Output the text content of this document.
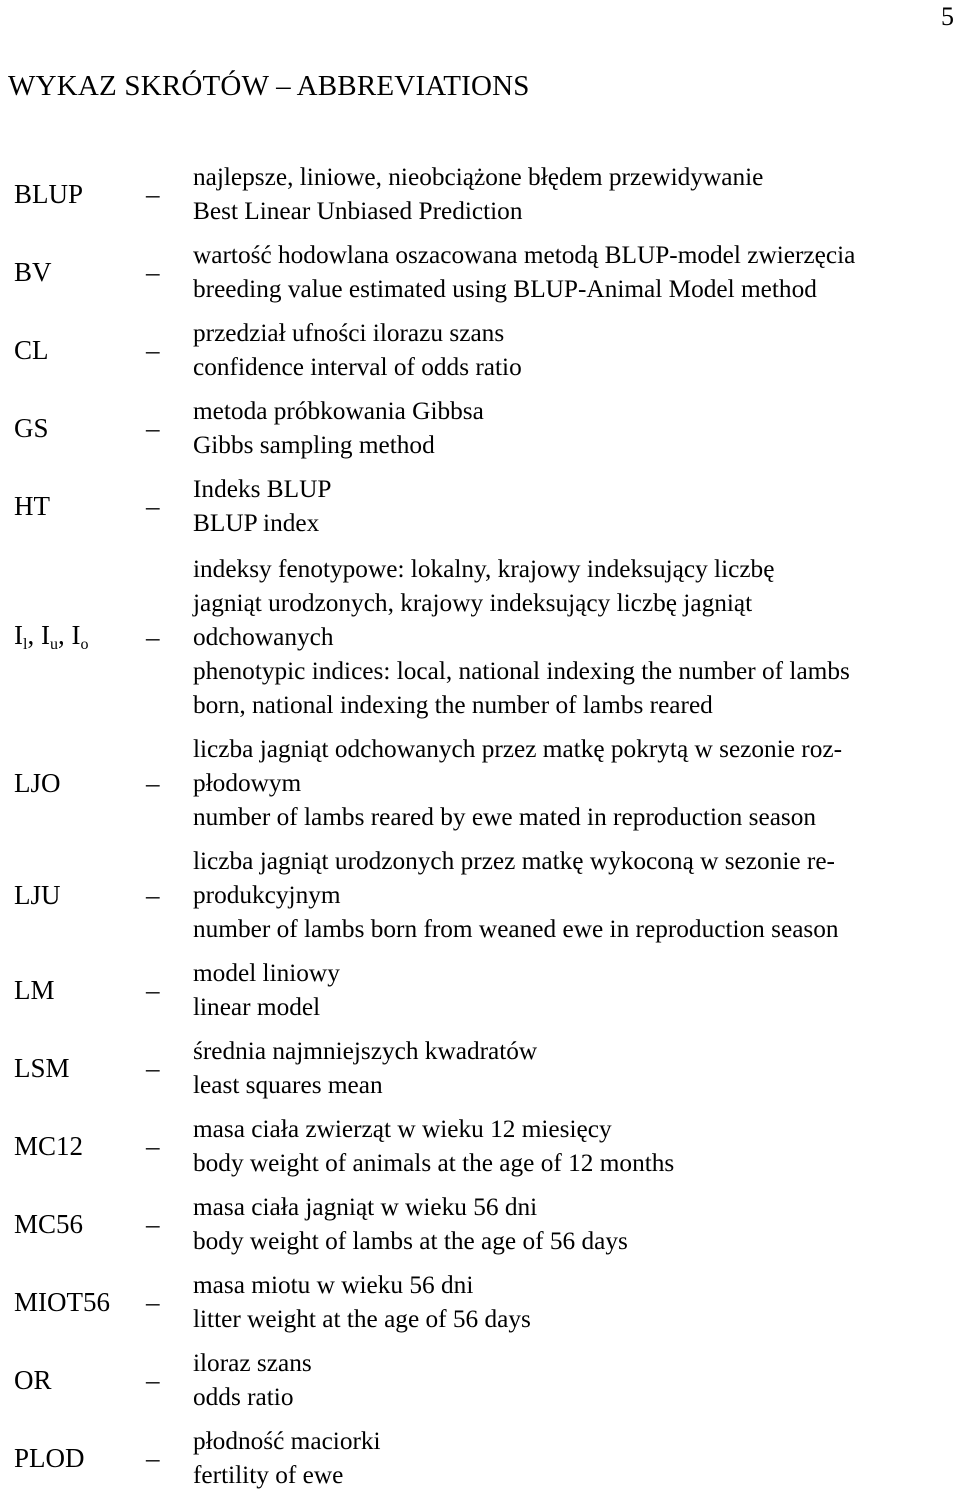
5
WYKAZ SKRÓTÓW – ABBREVIATIONS
BLUP –
najlepsze, liniowe, nieobciążone błędem przewidywanie
Best Linear Unbiased Prediction
BV	–
wartość hodowlana oszacowana metodą BLUP-model zwierzęcia
breeding value estimated using BLUP-Animal Model method
CL	–
przedział ufności ilorazu szans
confidence interval of odds ratio
GS	–
metoda próbkowania Gibbsa
Gibbs sampling method
HT	–
Indeks BLUP
BLUP index
$I_l$, $I_u$, $I_o$ –
indeksy fenotypowe: lokalny, krajowy indeksujący liczbę
jagniąt urodzonych, krajowy indeksujący liczbę jagniąt
odchowanych
phenotypic indices: local, national indexing the number of lambs
born, national indexing the number of lambs reared
LJO	–
liczba jagniąt odchowanych przez matkę pokrytą w sezonie roz-
płodowym
number of lambs reared by ewe mated in reproduction season
LJU	–
liczba jagniąt urodzonych przez matkę wykoconą w sezonie re-
produkcyjnym
number of lambs born from weaned ewe in reproduction season
LM	–
model liniowy
linear model
LSM	–
średnia najmniejszych kwadratów
least squares mean
MC12 –
masa ciała zwierząt w wieku 12 miesięcy
body weight of animals at the age of 12 months
MC56 –
masa ciała jagniąt w wieku 56 dni
body weight of lambs at the age of 56 days
MIOT56 –
masa miotu w wieku 56 dni
litter weight at the age of 56 days
OR	–
iloraz szans
odds ratio
PLOD –
płodność maciorki
fertility of ewe
